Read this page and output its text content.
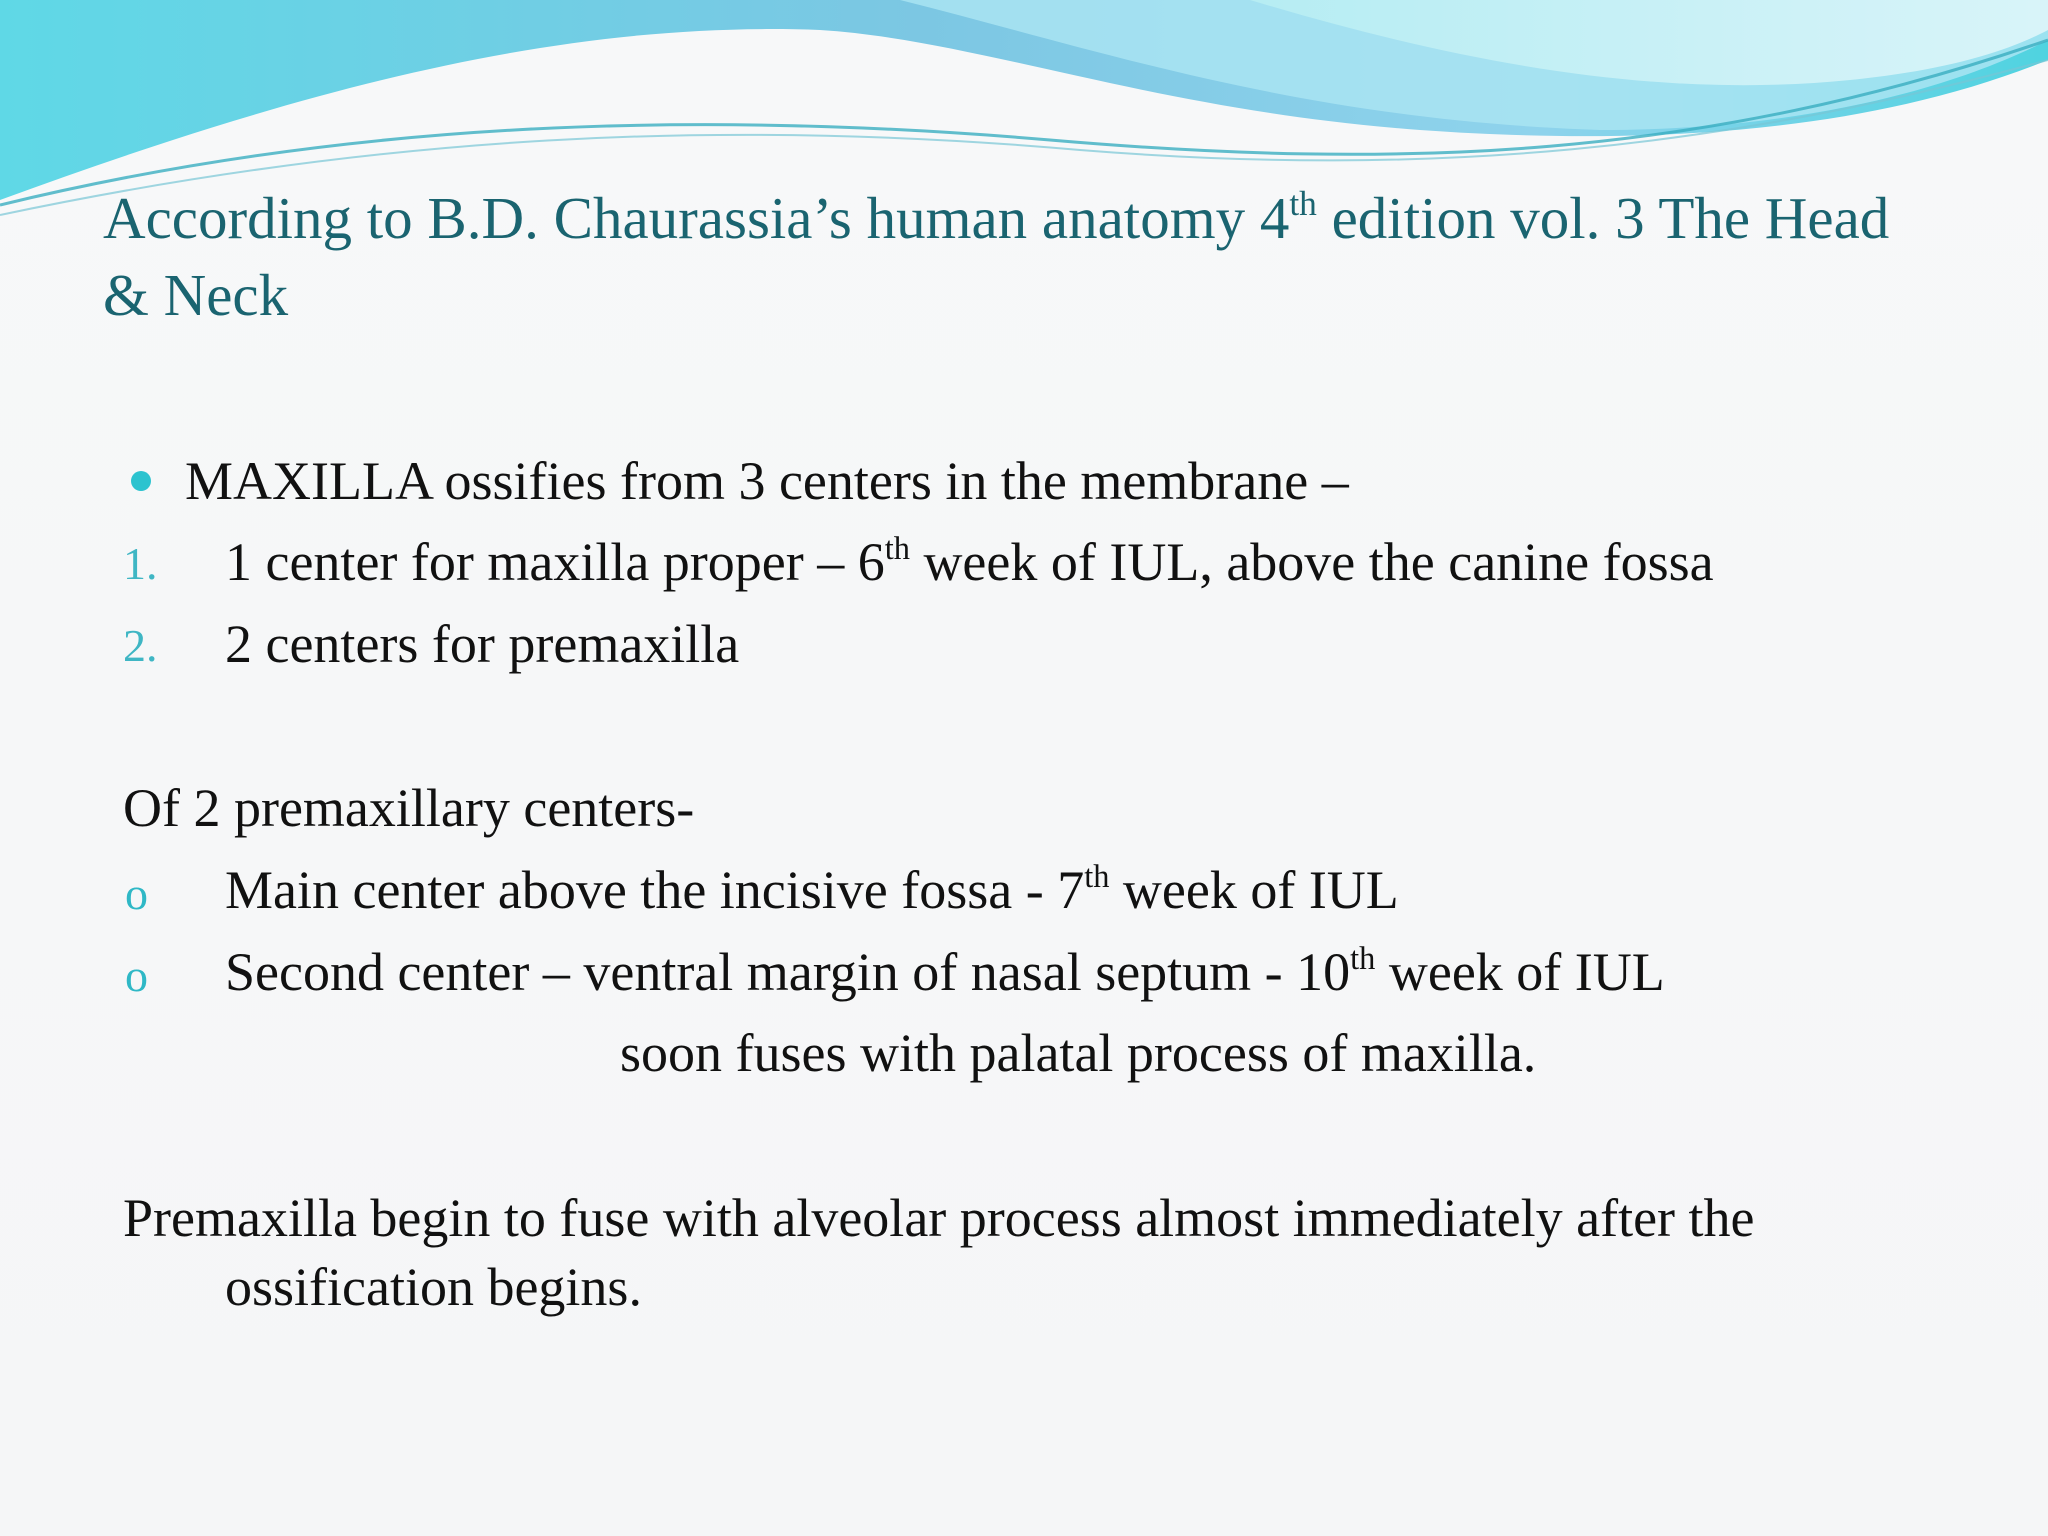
According to B.D. Chaurassia’s human anatomy 4th edition vol. 3 The Head & Neck
MAXILLA ossifies from 3 centers in the membrane –
1. 1 center for maxilla proper – 6th week of IUL, above the canine fossa
2. 2 centers for premaxilla
Of 2 premaxillary centers-
o Main center above the incisive fossa - 7th week of IUL
o Second center – ventral margin of nasal septum - 10th week of IUL
soon fuses with palatal process of maxilla.
Premaxilla begin to fuse with alveolar process almost immediately after the
ossification begins.
